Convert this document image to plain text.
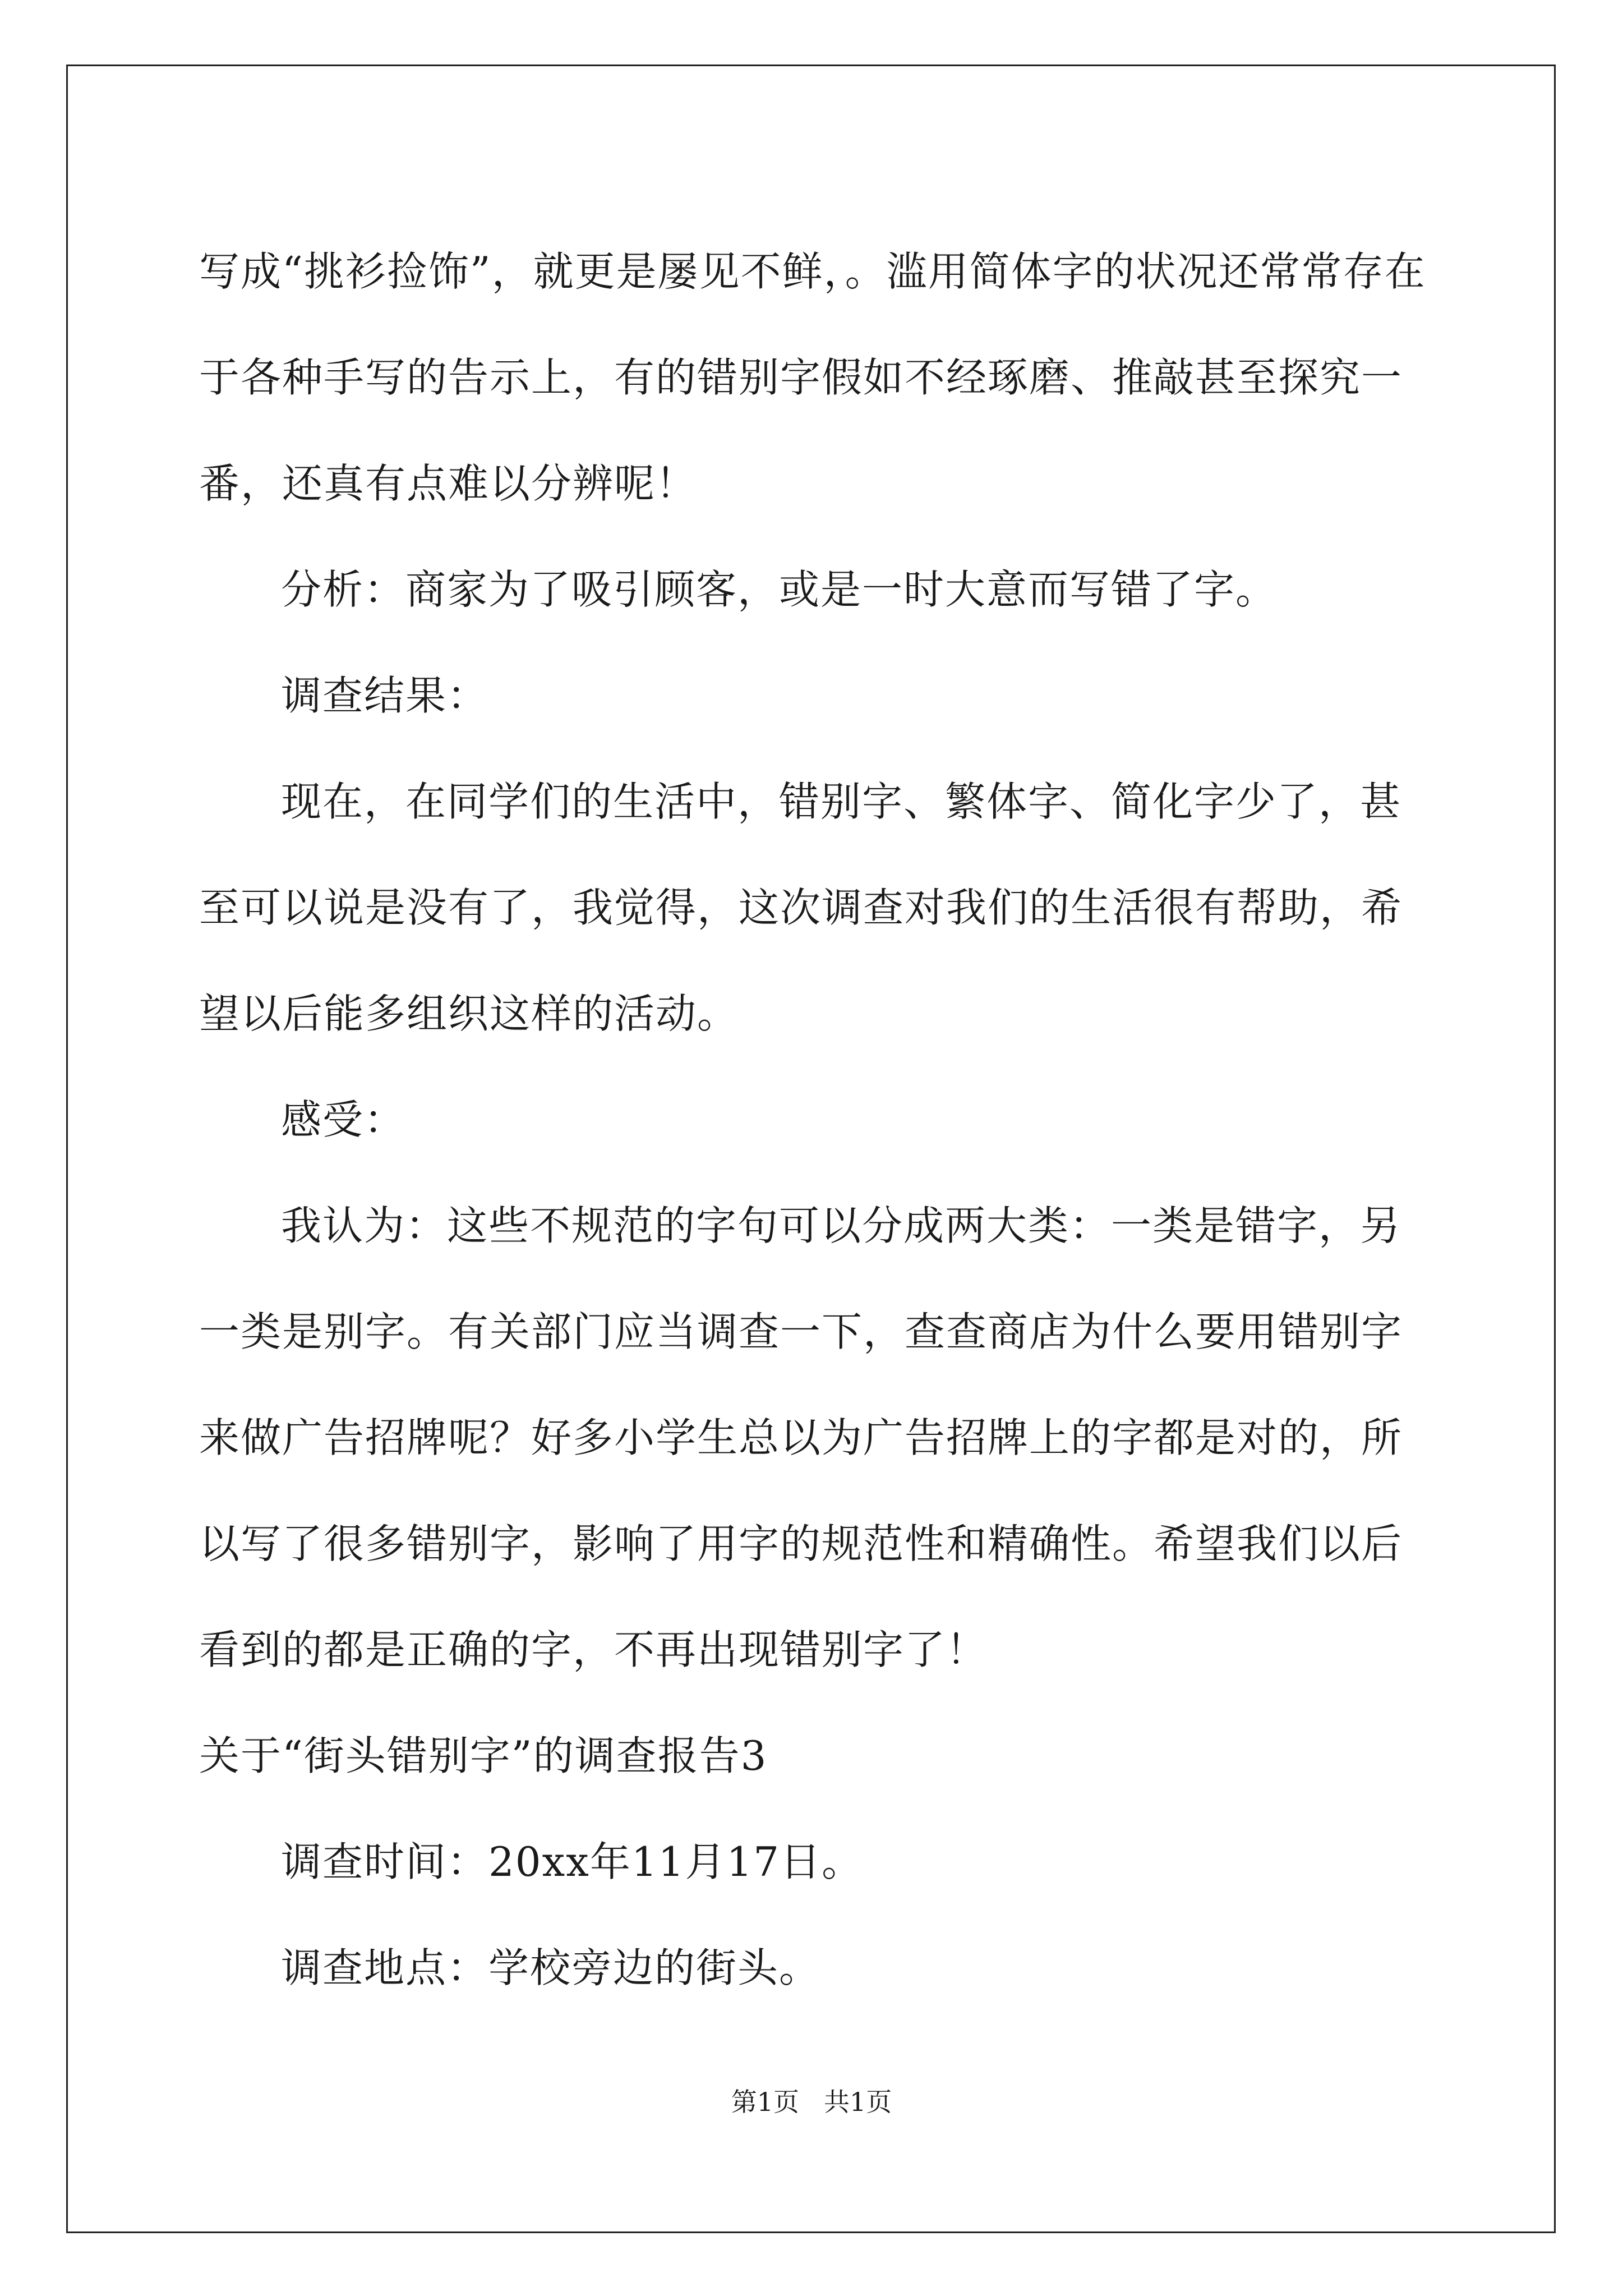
写成“挑衫捡饰”，就更是屡见不鲜，。滥用简体字的状况还常常存在于各种手写的告示上，有的错别字假如不经琢磨、推敲甚至探究一番，还真有点难以分辨呢！

分析：商家为了吸引顾客，或是一时大意而写错了字。

调查结果：

现在，在同学们的生活中，错别字、繁体字、简化字少了，甚至可以说是没有了，我觉得，这次调查对我们的生活很有帮助，希望以后能多组织这样的活动。

感受：

我认为：这些不规范的字句可以分成两大类：一类是错字，另一类是别字。有关部门应当调查一下，查查商店为什么要用错别字来做广告招牌呢？好多小学生总以为广告招牌上的字都是对的，所以写了很多错别字，影响了用字的规范性和精确性。希望我们以后看到的都是正确的字，不再出现错别字了！

关于“街头错别字”的调查报告3

调查时间：20xx年11月17日。

调查地点：学校旁边的街头。

第1页 共1页
